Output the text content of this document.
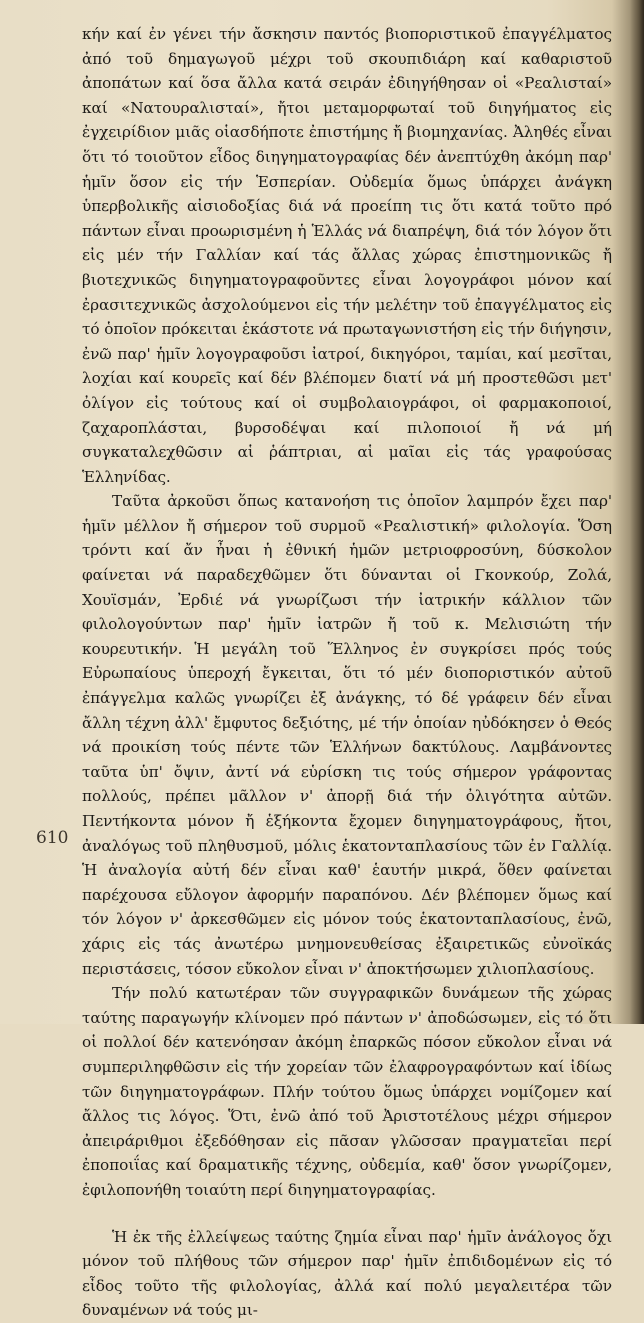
κήν καί ἐν γένει τήν ἄσκησιν παντός βιοποριστικοῦ ἐπαγγέλματος ἀπό τοῦ δημαγωγοῦ μέχρι τοῦ σκουπιδιάρη καί καθαριστοῦ ἀποπάτων καί ὅσα ἄλλα κατά σειράν ἐδιηγήθησαν οἱ «Ρεαλισταί» καί «Νατουραλισταί», ἤτοι μεταμορφωταί τοῦ διηγήματος εἰς ἐγχειρίδιον μιᾶς οἱασδήποτε ἐπιστήμης ἤ βιομηχανίας. Ἀληθές εἶναι ὅτι τό τοιοῦτον εἶδος διηγηματογραφίας δέν ἀνεπτύχθη ἀκόμη παρ' ἡμῖν ὅσον εἰς τήν Ἑσπερίαν. Οὐδεμία ὅμως ὑπάρχει ἀνάγκη ὑπερβολικῆς αἰσιοδοξίας διά νά προείπη τις ὅτι κατά τοῦτο πρό πάντων εἶναι προωρισμένη ἡ Ἑλλάς νά διαπρέψη, διά τόν λόγον ὅτι εἰς μέν τήν Γαλλίαν καί τάς ἄλλας χώρας ἐπιστημονικῶς ἤ βιοτεχνικῶς διηγηματογραφοῦντες εἶναι λογογράφοι μόνον καί ἐρασιτεχνικῶς ἀσχολούμενοι εἰς τήν μελέτην τοῦ ἐπαγγέλματος εἰς τό ὁποῖον πρόκειται ἑκάστοτε νά πρωταγωνιστήση εἰς τήν διήγησιν, ἐνῶ παρ' ἡμῖν λογογραφοῦσι ἰατροί, δικηγόροι, ταμίαι, καί μεσῖται, λοχίαι καί κουρεῖς καί δέν βλέπομεν διατί νά μή προστεθῶσι μετ' ὀλίγον εἰς τούτους καί οἱ συμβολαιογράφοι, οἱ φαρμακοποιοί, ζαχαροπλάσται, βυρσοδέψαι καί πιλοποιοί ἤ νά μή συγκαταλεχθῶσιν αἱ ῥάπτριαι, αἱ μαῖαι εἰς τάς γραφούσας Ἑλληνίδας.

Ταῦτα ἀρκοῦσι ὅπως κατανοήση τις ὁποῖον λαμπρόν ἔχει παρ' ἡμῖν μέλλον ἤ σήμερον τοῦ συρμοῦ «Ρεαλιστική» φιλολογία. Ὅση τρόντι καί ἄν ἦναι ἡ ἐθνική ἡμῶν μετριοφροσύνη, δύσκολον φαίνεται νά παραδεχθῶμεν ὅτι δύνανται οἱ Γκονκούρ, Ζολά, Χουϊσμάν, Ἐρδιέ νά γνωρίζωσι τήν ἰατρικήν κάλλιον τῶν φιλολογούντων παρ' ἡμῖν ἰατρῶν ἤ τοῦ κ. Μελισιώτη τήν κουρευτικήν. Ἡ μεγάλη τοῦ Ἕλληνος ἐν συγκρίσει πρός τούς Εὐρωπαίους ὑπεροχή ἔγκειται, ὅτι τό μέν διοποριστικόν αὐτοῦ ἐπάγγελμα καλῶς γνωρίζει ἐξ ἀνάγκης, τό δέ γράφειν δέν εἶναι ἄλλη τέχνη ἀλλ' ἔμφυτος δεξιότης, μέ τήν ὁποίαν ηὐδόκησεν ὁ Θεός νά προικίση τούς πέντε τῶν Ἑλλήνων δακτύλους. Λαμβάνοντες ταῦτα ὑπ' ὄψιν, ἀντί νά εὑρίσκη τις τούς σήμερον γράφοντας πολλούς, πρέπει μᾶλλον ν' ἀπορῇ διά τήν ὀλιγότητα αὐτῶν. Πεντήκοντα μόνον ἤ ἑξήκοντα ἔχομεν διηγηματογράφους, ἤτοι, ἀναλόγως τοῦ πληθυσμοῦ, μόλις ἑκατονταπλασίους τῶν ἐν Γαλλίᾳ. Ἡ ἀναλογία αὐτή δέν εἶναι καθ' ἑαυτήν μικρά, ὅθεν φαίνεται παρέχουσα εὔλογον ἀφορμήν παραπόνου. Δέν βλέπομεν ὅμως καί τόν λόγον ν' ἀρκεσθῶμεν εἰς μόνον τούς ἑκατονταπλασίους, ἐνῶ, χάρις εἰς τάς ἀνωτέρω μνημονευθείσας ἐξαιρετικῶς εὐνοϊκάς περιστάσεις, τόσον εὔκολον εἶναι ν' ἀποκτήσωμεν χιλιοπλασίους.

Τήν πολύ κατωτέραν τῶν συγγραφικῶν δυνάμεων τῆς χώρας ταύτης παραγωγήν κλίνομεν πρό πάντων ν' ἀποδώσωμεν, εἰς τό ὅτι οἱ πολλοί δέν κατενόησαν ἀκόμη ἐπαρκῶς πόσον εὔκολον εἶναι νά συμπεριληφθῶσιν εἰς τήν χορείαν τῶν ἐλαφρογραφόντων καί ἰδίως τῶν διηγηματογράφων. Πλήν τούτου ὅμως ὑπάρχει νομίζομεν καί ἄλλος τις λόγος. Ὅτι, ἐνῶ ἀπό τοῦ Ἀριστοτέλους μέχρι σήμερον ἀπειράριθμοι ἐξεδόθησαν εἰς πᾶσαν γλῶσσαν πραγματεῖαι περί ἐποποιΐας καί δραματικῆς τέχνης, οὐδεμία, καθ' ὅσον γνωρίζομεν, ἐφιλοπονήθη τοιαύτη περί διηγηματογραφίας.

Ἡ ἐκ τῆς ἐλλείψεως ταύτης ζημία εἶναι παρ' ἡμῖν ἀνάλογος ὄχι μόνον τοῦ πλήθους τῶν σήμερον παρ' ἡμῖν ἐπιδιδομένων εἰς τό εἶδος τοῦτο τῆς φιλολογίας, ἀλλά καί πολύ μεγαλειτέρα τῶν δυναμένων νά τούς μι-

610
